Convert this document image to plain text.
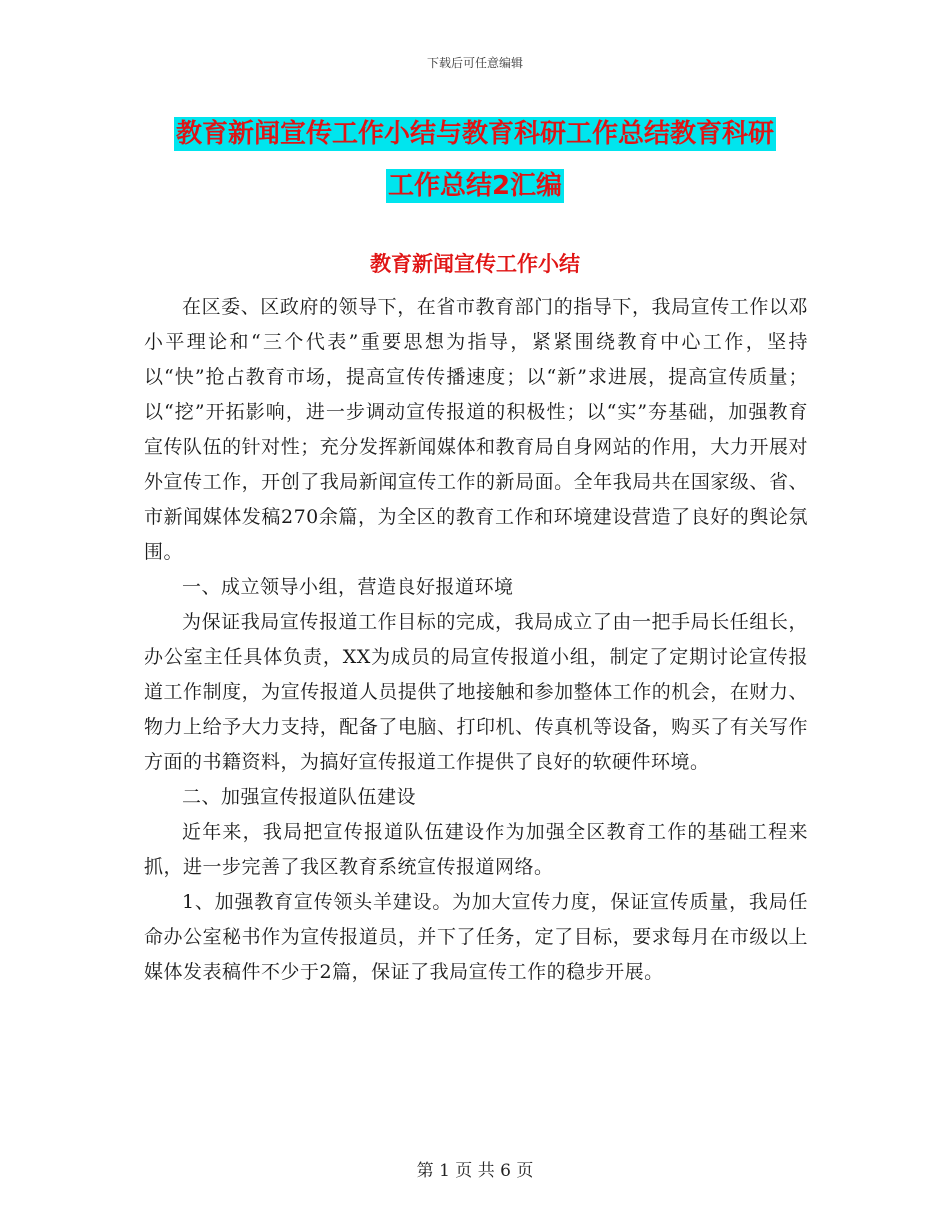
下载后可任意编辑
教育新闻宣传工作小结与教育科研工作总结教育科研
工作总结2汇编
教育新闻宣传工作小结

在区委、区政府的领导下，在省市教育部门的指导下，我局宣传工作以邓小平理论和“三个代表”重要思想为指导，紧紧围绕教育中心工作，坚持以“快”抢占教育市场，提高宣传传播速度；以“新”求进展，提高宣传质量；以“挖”开拓影响，进一步调动宣传报道的积极性；以“实”夯基础，加强教育宣传队伍的针对性；充分发挥新闻媒体和教育局自身网站的作用，大力开展对外宣传工作，开创了我局新闻宣传工作的新局面。全年我局共在国家级、省、市新闻媒体发稿270余篇，为全区的教育工作和环境建设营造了良好的舆论氛围。

一、成立领导小组，营造良好报道环境

为保证我局宣传报道工作目标的完成，我局成立了由一把手局长任组长，办公室主任具体负责，XX为成员的局宣传报道小组，制定了定期讨论宣传报道工作制度，为宣传报道人员提供了地接触和参加整体工作的机会，在财力、物力上给予大力支持，配备了电脑、打印机、传真机等设备，购买了有关写作方面的书籍资料，为搞好宣传报道工作提供了良好的软硬件环境。

二、加强宣传报道队伍建设

近年来，我局把宣传报道队伍建设作为加强全区教育工作的基础工程来抓，进一步完善了我区教育系统宣传报道网络。

1、加强教育宣传领头羊建设。为加大宣传力度，保证宣传质量，我局任命办公室秘书作为宣传报道员，并下了任务，定了目标，要求每月在市级以上媒体发表稿件不少于2篇，保证了我局宣传工作的稳步开展。

第 1 页 共 6 页
